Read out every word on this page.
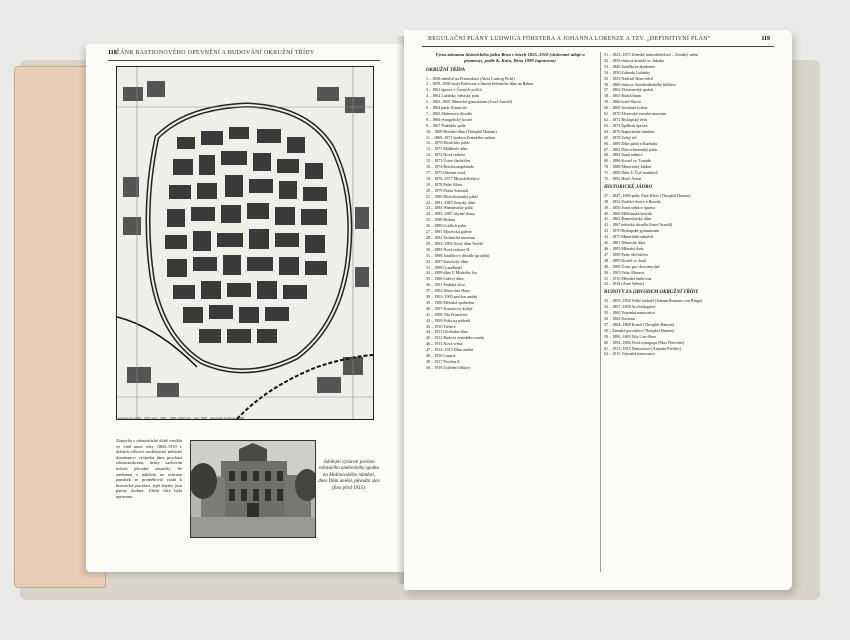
118 ŽÁNR BASTIONOVÉHO OPEVNĚNÍ A BUDOVÁNÍ OKRUŽNÍ TŘÍDY
kolem roku 1900 · 1853 stav · 1865 · 1880–1900 stav · stav 1900 · dokonaná stavba ke 1900
Zástavba v urbanistické době vznikla ve vlně mezi roky 1860–1910 v dobách celkové neoklasické městské dominance; výstavba dnes prochází rekonstrukcemi, místy zachován kolorit původní zástavby. Se změnami v náhledu na ochranu památek se proměňoval vztah k historické parcelaci, jejíž zbytky jsou patrny dodnes. Uliční čára byla upravena.
Jubilejní výstavní pavilon městského uměleckého spolku na Malinovského náměstí, dnes Dům umění, původní stav (foto před 1915).
REGULAČNÍ PLÁNY LUDWIGA FÖRSTERA A JOHANNA LORENZE A TZV. „DEFINITIVNÍ PLÁN“	119
Výraz záznamu historického jádra Brna v letech 1825–1918 (sledované údaje a prameny), podle K. Kuča, Brno 1989 (upraveno)
OKRUŽNÍ TŘÍDA
1 – 1858 náměstí na Franziskust (Alois Ludwig Pichl)
2 – 1859–1860 hotel Padowetz a hlavní železniční dům na Bahnu
3 – 1861 úprava v Černých polích
4 – 1862 Lužánky, městský park
5 – 1863–1865 Německé gymnázium (Josef Arnold)
6 – 1864 palác Kounicův
7 – 1865 Mahenovo divadlo
8 – 1866 evangelický kostel
9 – 1867 Pražákův palác
10 – 1868 Besední dům (Theophil Hansen)
11 – 1869–1871 budova Zemského sněmu
12 – 1870 Dittrichův palác
13 – 1871 Mahlerův dům
14 – 1872 Nová radnice
15 – 1873 Ústav šlechtičen
16 – 1874 Reichsratsgebäude
17 – 1875 Okresní soud
18 – 1876–1877 Místodržitelství
19 – 1878 Palác Klein
20 – 1879 Palais Schmidt
21 – 1880 Ditrichsteinský palác
22 – 1881–1883 Zemský dům
23 – 1884 Wannieckův palác
24 – 1885–1887 obytné domy
25 – 1888 Reduta
26 – 1890 Gräflich palác
27 – 1891 Moravská galerie
28 – 1892 Technické muzeum
29 – 1893–1894 Nový dům Veselá
30 – 1895 Nová radnice II
31 – 1896 Janáčkovo divadlo (projekt)
32 – 1897 Katolický dům
33 – 1898 Grandhotel
34 – 1899 dům U Modrého lva
35 – 1900 Lidový dům
36 – 1901 Pražská ulice
37 – 1902 Deutsches Haus
38 – 1903–1905 pavilon umění
39 – 1906 Městská spořitelna
40 – 1907 Kounicovy koleje
41 – 1908 Vila Primavesi
42 – 1909 Pošta na nádraží
43 – 1910 Tržnice
44 – 1911 Obchodní dům
45 – 1912 Budova zemského soudu
46 – 1913 Nová scéna
47 – 1914–1915 Dům umění
48 – 1916 Lazaret
49 – 1917 Pavilon A
50 – 1918 Ústřední hřbitov
51 – 1823–1875 Zemské místodržitelství – Zemský sněm
52 – 1835 obnova kostela sv. Jakuba
53 – 1840 Janáčkova akademie
54 – 1850 Zahrada Lužánky
55 – 1855 Nádraží Brno-střed
56 – 1860 obnova Starobrněnského kláštera
57 – 1862 Vlastenecký spolek
58 – 1865 Rudolfinum
59 – 1866 hotel Slavia
60 – 1868 Jezuitské koleje
61 – 1870 Moravské zemské muzeum
62 – 1872 Biskupský dvůr
63 – 1874 Špilberk úprava
64 – 1876 Kapucínské náměstí
65 – 1878 Zelný trh
66 – 1880 Dům pánů z Kunštátu
67 – 1882 Dietrichsteinský palác
68 – 1884 Stará radnice
69 – 1886 Kostel sv. Tomáše
70 – 1888 Minoritský klášter
71 – 1890 Dům U Čtyř mamlasů
72 – 1892 Hotel Avion
HISTORICKÉ JÁDRO
37 – 1847–1849 palác Paul Klein (Theophil Hansen)
38 – 1852 Pražské dvory a Beseda
39 – 1856 Stará radnice úprava
40 – 1860 Měšťanská beseda
41 – 1862 Řemeslnický dům
42 – 1867 městská divadla (Josef Arnold)
43 – 1870 Biskupské gymnázium
44 – 1875 Minoritské náměstí
45 – 1881 Německý dům
46 – 1885 Městský dvůr
47 – 1890 Palác šlechtičen
48 – 1895 Kostel sv. Janů
49 – 1900 Ústav pro choromyslné
50 – 1905 Palác Morava
51 – 1910 Městská knihovna
52 – 1914 (Arne Wetter)
BUDOVY ZA OBVODEM OKRUŽNÍ TŘÍDY
53 – 1855–1858 Velké nádraží (Johann Romano von Ringe)
54 – 1857–1858 Arcibiskupství
55 – 1860 Vojenská nemocnice
56 – 1862 Kasárna
57 – 1864–1868 Kostel (Theophil Hansen)
58 – Zemská porodnice (Theophil Hansen)
59 – 1880–1883 Vila Löw-Beer
60 – 1894–1896 Nová synagoga (Max Fleischer)
61 – 1913–1915 Nemocnice (Antonín Pfeiffer)
62 – 1915 Vojenská nemocnice
